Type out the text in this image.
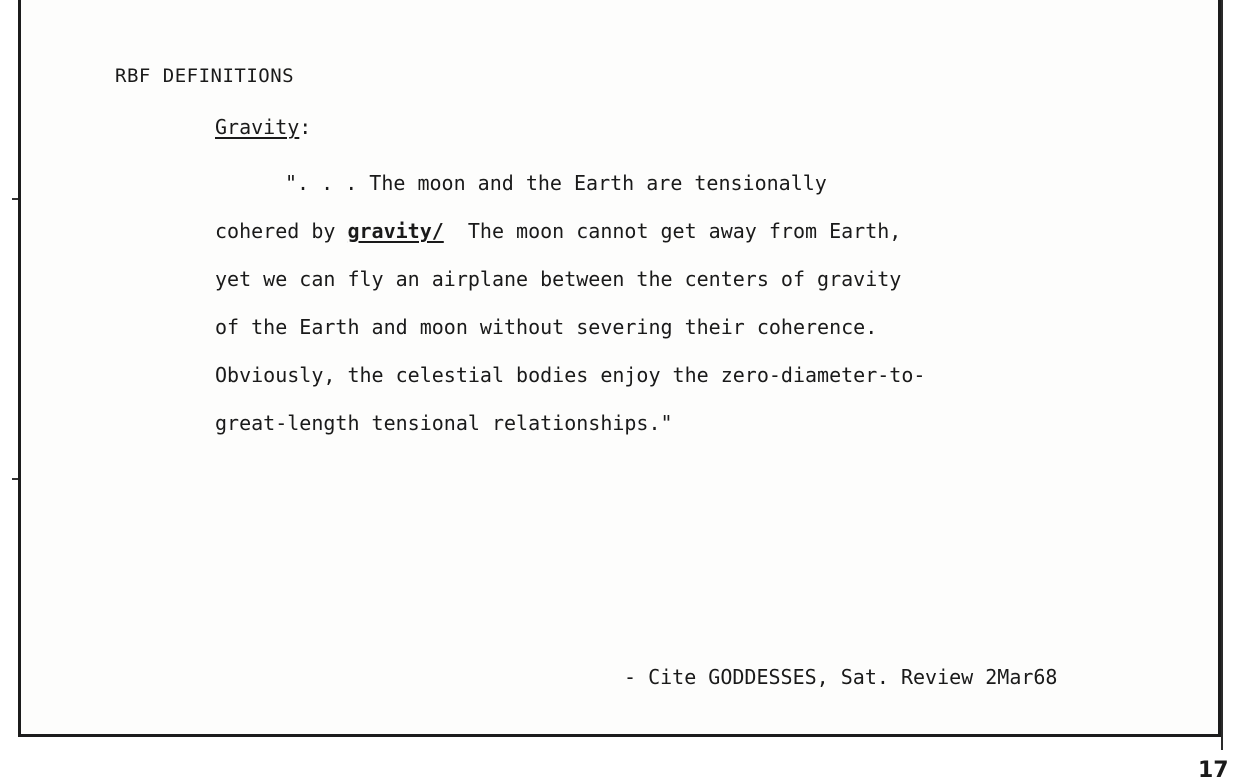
RBF DEFINITIONS
Gravity:
". . . The moon and the Earth are tensionally
cohered by gravity/  The moon cannot get away from Earth,
yet we can fly an airplane between the centers of gravity
of the Earth and moon without severing their coherence.
Obviously, the celestial bodies enjoy the zero-diameter-to-
great-length tensional relationships."
- Cite GODDESSES, Sat. Review 2Mar68
17
